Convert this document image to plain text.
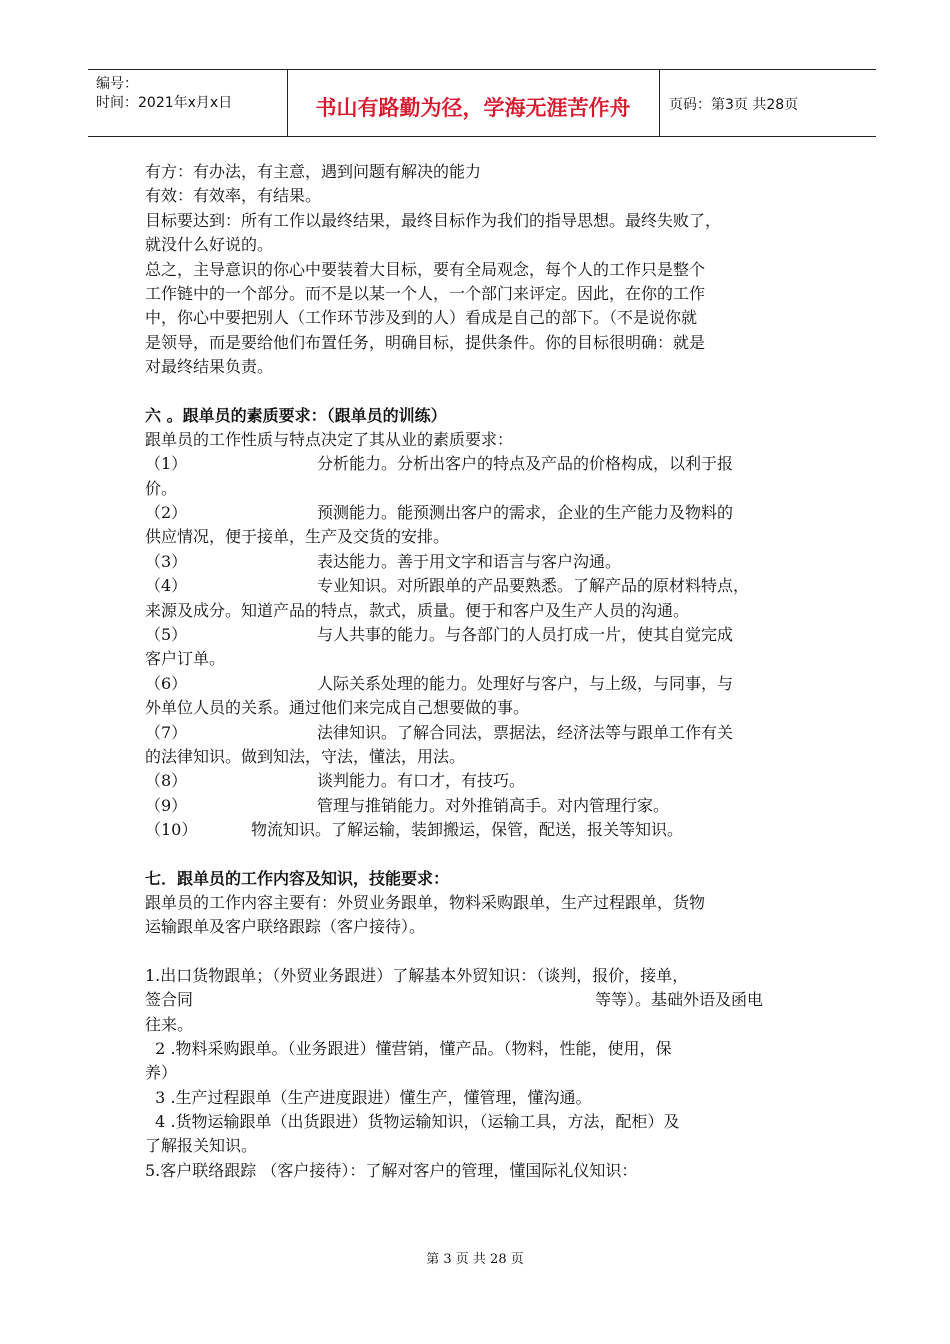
编号：
时间：2021年x月x日	书山有路勤为径，学海无涯苦作舟	页码：第3页 共28页
有方：有办法，有主意，遇到问题有解决的能力
有效：有效率，有结果。
目标要达到：所有工作以最终结果，最终目标作为我们的指导思想。最终失败了，
就没什么好说的。
总之，主导意识的你心中要装着大目标，要有全局观念，每个人的工作只是整个
工作链中的一个部分。而不是以某一个人，一个部门来评定。因此，在你的工作
中，你心中要把别人（工作环节涉及到的人）看成是自己的部下。（不是说你就
是领导，而是要给他们布置任务，明确目标，提供条件。你的目标很明确：就是
对最终结果负责。
六 。跟单员的素质要求：（跟单员的训练）
跟单员的工作性质与特点决定了其从业的素质要求：
（1）	分析能力。分析出客户的特点及产品的价格构成，以利于报
价。
（2）	预测能力。能预测出客户的需求，企业的生产能力及物料的
供应情况，便于接单，生产及交货的安排。
（3）	表达能力。善于用文字和语言与客户沟通。
（4）	专业知识。对所跟单的产品要熟悉。了解产品的原材料特点，
来源及成分。知道产品的特点，款式，质量。便于和客户及生产人员的沟通。
（5）	与人共事的能力。与各部门的人员打成一片，使其自觉完成
客户订单。
（6）	人际关系处理的能力。处理好与客户，与上级，与同事，与
外单位人员的关系。通过他们来完成自己想要做的事。
（7）	法律知识。了解合同法，票据法，经济法等与跟单工作有关
的法律知识。做到知法，守法，懂法，用法。
（8）	谈判能力。有口才，有技巧。
（9）	管理与推销能力。对外推销高手。对内管理行家。
（10）	物流知识。了解运输，装卸搬运，保管，配送，报关等知识。
七．跟单员的工作内容及知识，技能要求：
跟单员的工作内容主要有：外贸业务跟单，物料采购跟单，生产过程跟单，货物
运输跟单及客户联络跟踪（客户接待）。
1.出口货物跟单；（外贸业务跟进）了解基本外贸知识：（谈判，报价，接单，
签合同	等等）。基础外语及函电
往来。
2 .物料采购跟单。（业务跟进）懂营销，懂产品。（物料，性能，使用，保
养）
3 .生产过程跟单（生产进度跟进）懂生产，懂管理，懂沟通。
4 .货物运输跟单（出货跟进）货物运输知识，（运输工具，方法，配柜）及
了解报关知识。
5.客户联络跟踪 （客户接待）：了解对客户的管理，懂国际礼仪知识：
第 3 页 共 28 页
